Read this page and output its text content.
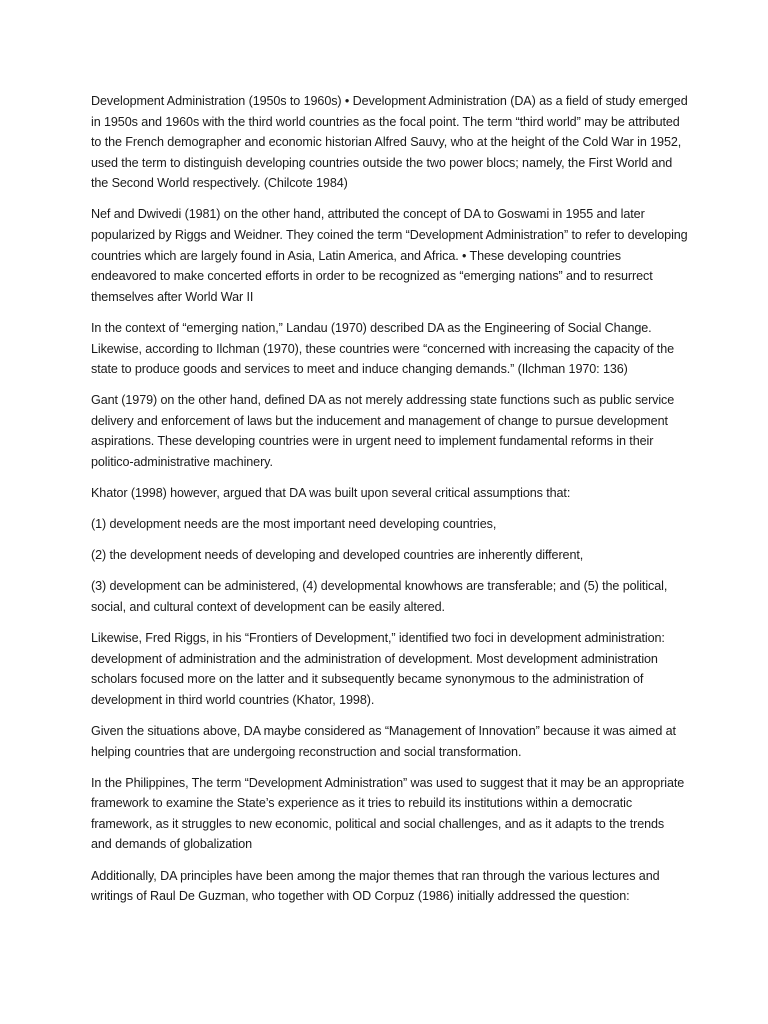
Development Administration (1950s to 1960s) • Development Administration (DA) as a field of study emerged in 1950s and 1960s with the third world countries as the focal point. The term “third world” may be attributed to the French demographer and economic historian Alfred Sauvy, who at the height of the Cold War in 1952, used the term to distinguish developing countries outside the two power blocs; namely, the First World and the Second World respectively. (Chilcote 1984)

Nef and Dwivedi (1981) on the other hand, attributed the concept of DA to Goswami in 1955 and later popularized by Riggs and Weidner. They coined the term “Development Administration” to refer to developing countries which are largely found in Asia, Latin America, and Africa. • These developing countries endeavored to make concerted efforts in order to be recognized as “emerging nations” and to resurrect themselves after World War II

In the context of “emerging nation,” Landau (1970) described DA as the Engineering of Social Change. Likewise, according to Ilchman (1970), these countries were “concerned with increasing the capacity of the state to produce goods and services to meet and induce changing demands.” (Ilchman 1970: 136)

Gant (1979) on the other hand, defined DA as not merely addressing state functions such as public service delivery and enforcement of laws but the inducement and management of change to pursue development aspirations. These developing countries were in urgent need to implement fundamental reforms in their politico-administrative machinery.

Khator (1998) however, argued that DA was built upon several critical assumptions that:

(1) development needs are the most important need developing countries,

(2) the development needs of developing and developed countries are inherently different,

(3) development can be administered, (4) developmental knowhows are transferable; and (5) the political, social, and cultural context of development can be easily altered.

Likewise, Fred Riggs, in his “Frontiers of Development,” identified two foci in development administration: development of administration and the administration of development. Most development administration scholars focused more on the latter and it subsequently became synonymous to the administration of development in third world countries (Khator, 1998).

Given the situations above, DA maybe considered as “Management of Innovation” because it was aimed at helping countries that are undergoing reconstruction and social transformation.

In the Philippines, The term “Development Administration” was used to suggest that it may be an appropriate framework to examine the State’s experience as it tries to rebuild its institutions within a democratic framework, as it struggles to new economic, political and social challenges, and as it adapts to the trends and demands of globalization

Additionally, DA principles have been among the major themes that ran through the various lectures and writings of Raul De Guzman, who together with OD Corpuz (1986) initially addressed the question:
